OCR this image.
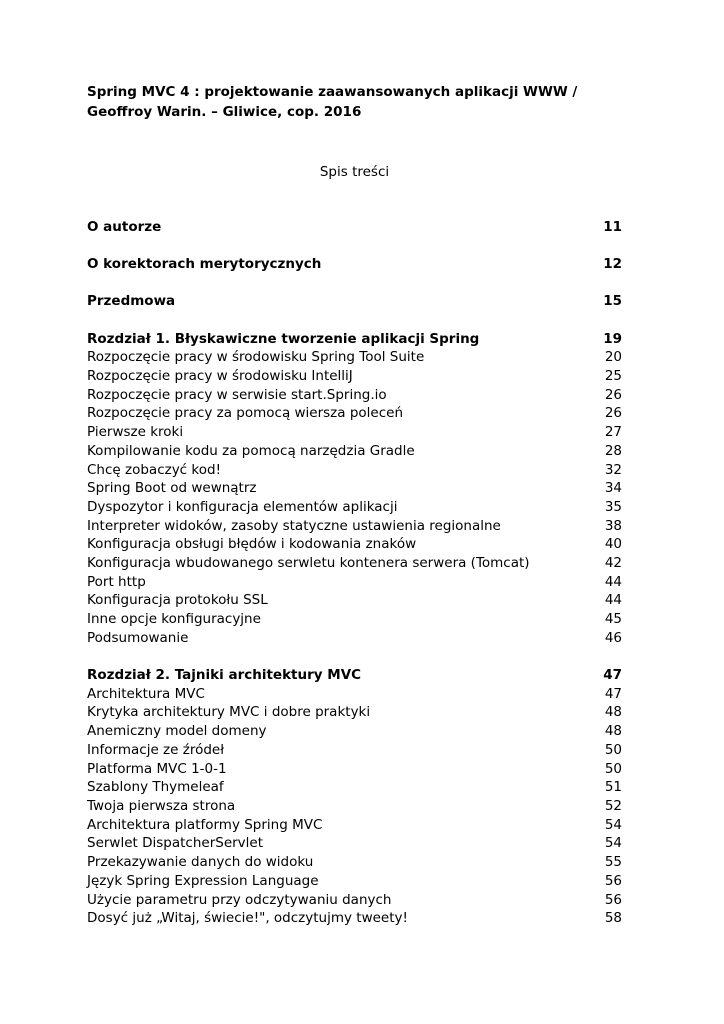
Spring MVC 4 : projektowanie zaawansowanych aplikacji WWW /
Geoffroy Warin. – Gliwice, cop. 2016

Spis treści

O autorze	11
O korektorach merytorycznych	12
Przedmowa	15
Rozdział 1. Błyskawiczne tworzenie aplikacji Spring	19
Rozpoczęcie pracy w środowisku Spring Tool Suite	20
Rozpoczęcie pracy w środowisku IntelliJ	25
Rozpoczęcie pracy w serwisie start.Spring.io	26
Rozpoczęcie pracy za pomocą wiersza poleceń	26
Pierwsze kroki	27
Kompilowanie kodu za pomocą narzędzia Gradle	28
Chcę zobaczyć kod!	32
Spring Boot od wewnątrz	34
Dyspozytor i konfiguracja elementów aplikacji	35
Interpreter widoków, zasoby statyczne ustawienia regionalne	38
Konfiguracja obsługi błędów i kodowania znaków	40
Konfiguracja wbudowanego serwletu kontenera serwera (Tomcat)	42
Port http	44
Konfiguracja protokołu SSL	44
Inne opcje konfiguracyjne	45
Podsumowanie	46
Rozdział 2. Tajniki architektury MVC	47
Architektura MVC	47
Krytyka architektury MVC i dobre praktyki	48
Anemiczny model domeny	48
Informacje ze źródeł	50
Platforma MVC 1-0-1	50
Szablony Thymeleaf	51
Twoja pierwsza strona	52
Architektura platformy Spring MVC	54
Serwlet DispatcherServlet	54
Przekazywanie danych do widoku	55
Język Spring Expression Language	56
Użycie parametru przy odczytywaniu danych	56
Dosyć już „Witaj, świecie!", odczytujmy tweety!	58
